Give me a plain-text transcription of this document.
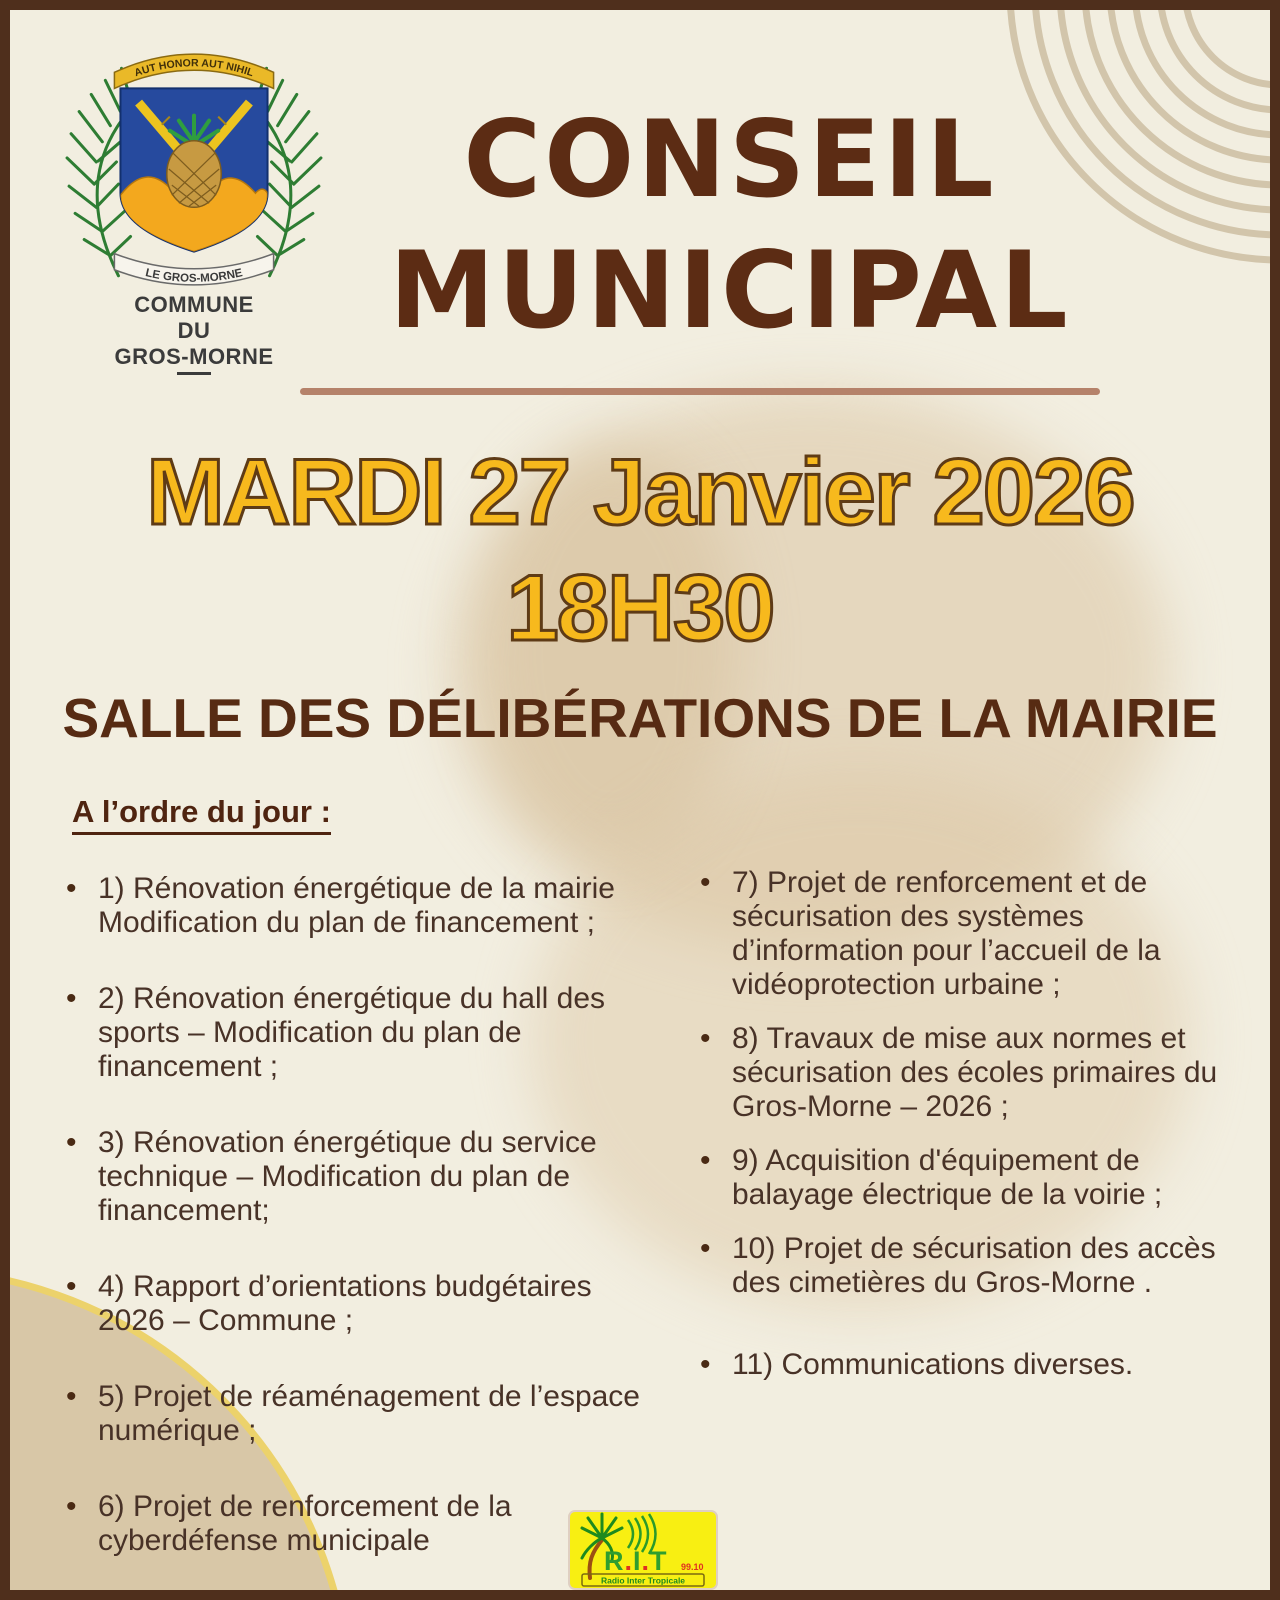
AUT HONOR AUT NIHIL
LE GROS-MORNE
COMMUNE
DU
GROS-MORNE
CONSEIL
MUNICIPAL
MARDI 27 Janvier 2026
18H30
SALLE DES DÉLIBÉRATIONS DE LA MAIRIE
A l’ordre du jour :
• 1) Rénovation énergétique de la mairie Modification du plan de financement ;
• 2) Rénovation énergétique du hall des sports – Modification du plan de financement ;
• 3) Rénovation énergétique du service technique – Modification du plan de financement;
• 4) Rapport d’orientations budgétaires 2026 – Commune ;
• 5) Projet de réaménagement de l’espace numérique ;
• 6) Projet de renforcement de la cyberdéfense municipale
• 7) Projet de renforcement et de sécurisation des systèmes d’information pour l’accueil de la vidéoprotection urbaine ;
• 8) Travaux de mise aux normes et sécurisation des écoles primaires du Gros-Morne – 2026 ;
• 9) Acquisition d'équipement de balayage électrique de la voirie ;
• 10) Projet de sécurisation des accès des cimetières du Gros-Morne .
• 11) Communications diverses.
R.I.T 99.10
Radio Inter Tropicale
